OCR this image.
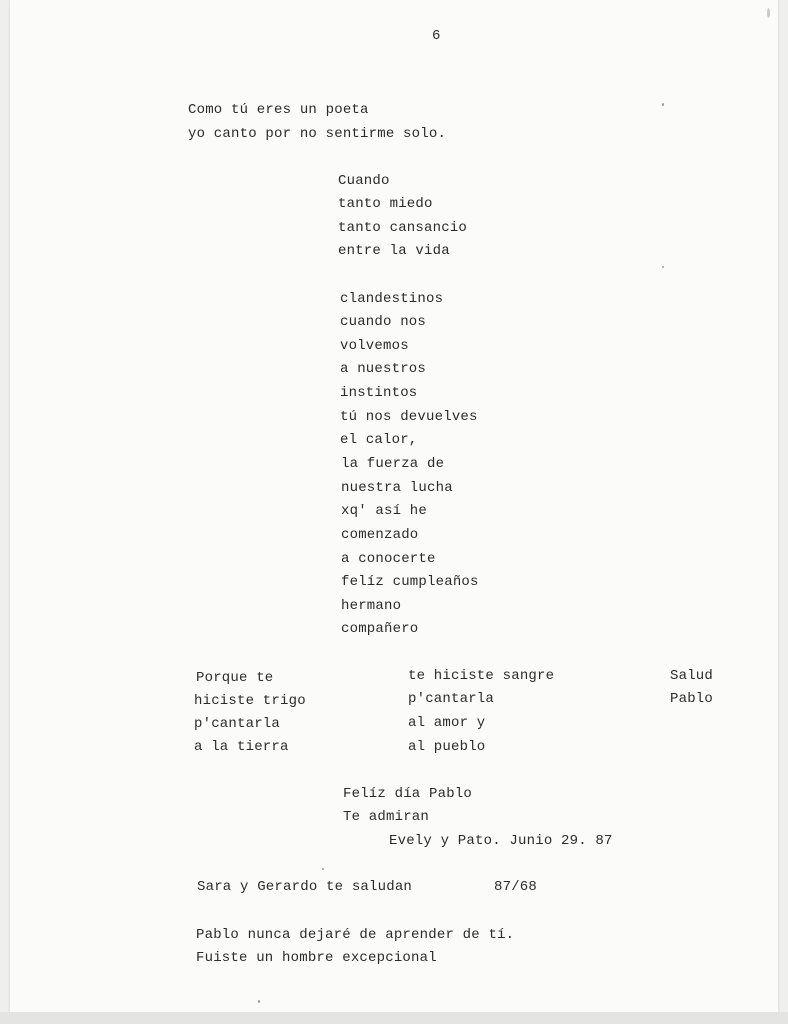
6
Como tú eres un poeta
yo canto por no sentirme solo.
Cuando
tanto miedo
tanto cansancio
entre la vida
clandestinos
cuando nos
volvemos
a nuestros
instintos
tú nos devuelves
el calor,
la fuerza de
nuestra lucha
xq' así he
comenzado
a conocerte
felíz cumpleaños
hermano
compañero
Porque te
hiciste trigo
p'cantarla
a la tierra
te hiciste sangre
p'cantarla
al amor y
al pueblo
Salud
Pablo
Felíz día Pablo
Te admiran
Evely y Pato. Junio 29. 87
Sara y Gerardo te saludan	87/68
Pablo nunca dejaré de aprender de tí.
Fuiste un hombre excepcional
